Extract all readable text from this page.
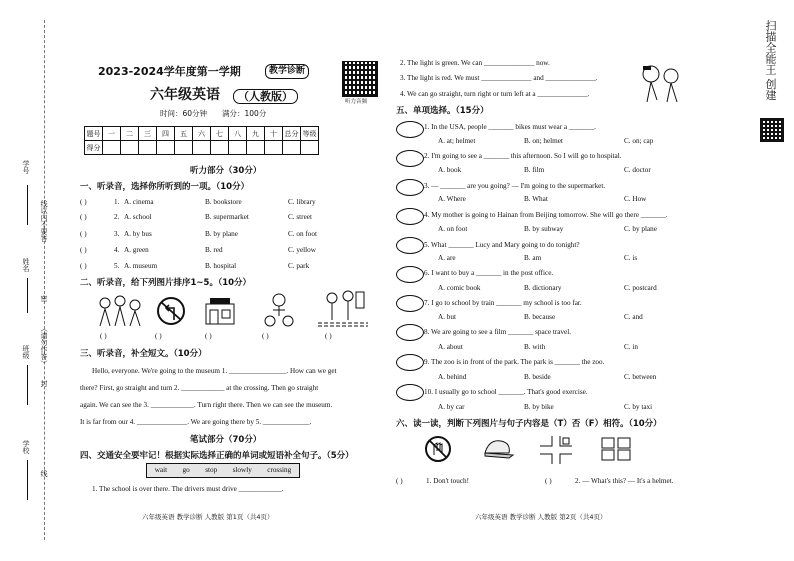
学号
姓名
班级
学校
线以内不要答
密
（请勿作答）
封
线
2023-2024学年度第一学期	教学诊断
六年级英语	（人教版）
时间：60分钟 满分：100分
听力音频
题号	一	二	三	四	五	六	七	八	九	十	总分	等级
得分												
听力部分（30分）
一、听录音，选择你所听到的一项。（10分）
( )	1. A. cinema	B. bookstore	C. library
( )	2. A. school	B. supermarket	C. street
( )	3. A. by bus	B. by plane	C. on foot
( )	4. A. green	B. red	C. yellow
( )	5. A. museum	B. hospital	C. park
二、听录音，给下列图片排序1~5。（10分）
( )	( )	( )	( )	( )
三、听录音，补全短文。（10分）
Hello, everyone. We're going to the museum 1. ________________. How can we get
there? First, go straight and turn 2. ____________ at the crossing. Then go straight
again. We can see the 3. ____________. Turn right there. Then we can see the museum.
It is far from our 4. ______________. We are going there by 5. _____________.
笔试部分（70分）
四、交通安全要牢记！根据实际选择正确的单词或短语补全句子。（5分）
wait go stop slowly crossing
1. The school is over there. The drivers must drive ____________.
六年级英语 教学诊断 人教版 第1页（共4页）
2. The light is green. We can ______________ now.
3. The light is red. We must ______________ and ______________.
4. We can go straight, turn right or turn left at a ______________.
五、单项选择。（15分）
1. In the USA, people _______ bikes must wear a _______.
A. at; helmet	B. on; helmet	C. on; cap
2. I'm going to see a _______ this afternoon. So I will go to hospital.
A. book	B. film	C. doctor
3. — _______ are you going? — I'm going to the supermarket.
A. Where	B. What	C. How
4. My mother is going to Hainan from Beijing tomorrow. She will go there _______.
A. on foot	B. by subway	C. by plane
5. What _______ Lucy and Mary going to do tonight?
A. are	B. am	C. is
6. I want to buy a _______ in the post office.
A. comic book	B. dictionary	C. postcard
7. I go to school by train _______ my school is too far.
A. but	B. because	C. and
8. We are going to see a film _______ space travel.
A. about	B. with	C. in
9. The zoo is in front of the park. The park is _______ the zoo.
A. behind	B. beside	C. between
10. I usually go to school _______. That's good exercise.
A. by car	B. by bike	C. by taxi
六、读一读，判断下列图片与句子内容是（T）否（F）相符。（10分）
( )	1. Don't touch!	( )	2. — What's this? — It's a helmet.
六年级英语 教学诊断 人教版 第2页（共4页）
扫描全能王 创建
